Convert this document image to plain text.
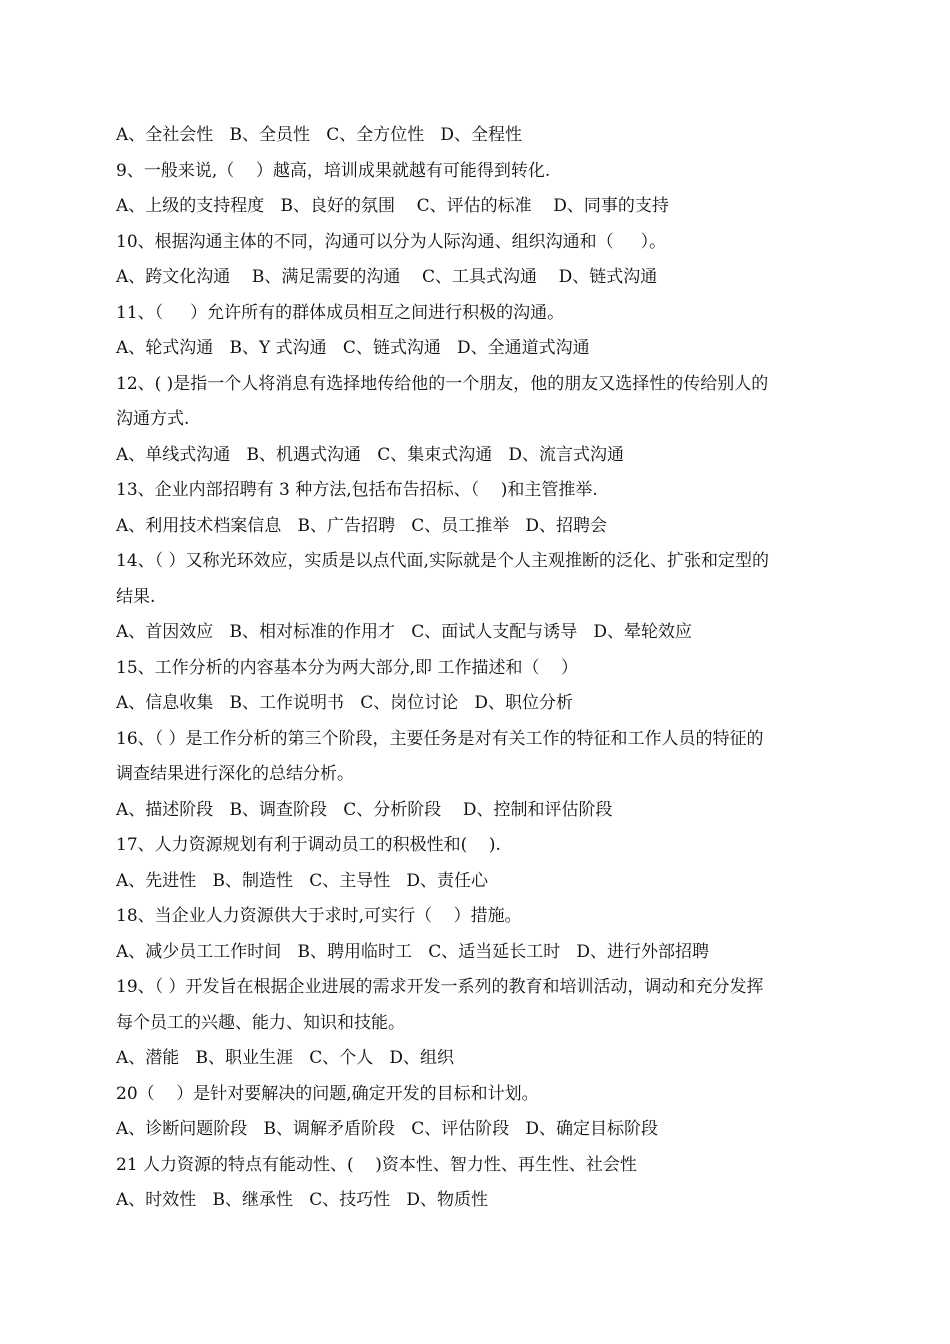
A、全社会性   B、全员性   C、全方位性   D、全程性

9、一般来说,（    ）越高，培训成果就越有可能得到转化.

A、上级的支持程度   B、良好的氛围    C、评估的标准    D、同事的支持

10、根据沟通主体的不同，沟通可以分为人际沟通、组织沟通和（     ）。

A、跨文化沟通    B、满足需要的沟通    C、工具式沟通    D、链式沟通

11、（     ）允许所有的群体成员相互之间进行积极的沟通。

A、轮式沟通   B、Y 式沟通   C、链式沟通   D、全通道式沟通

12、( )是指一个人将消息有选择地传给他的一个朋友，他的朋友又选择性的传给别人的

沟通方式.

A、单线式沟通   B、机遇式沟通   C、集束式沟通   D、流言式沟通

13、企业内部招聘有 3 种方法,包括布告招标、（    )和主管推举.

A、利用技术档案信息   B、广告招聘   C、员工推举   D、招聘会

14、（ ）又称光环效应，实质是以点代面,实际就是个人主观推断的泛化、扩张和定型的

结果.

A、首因效应   B、相对标准的作用才   C、面试人支配与诱导   D、晕轮效应

15、工作分析的内容基本分为两大部分,即 工作描述和（    ）

A、信息收集   B、工作说明书   C、岗位讨论   D、职位分析

16、（ ）是工作分析的第三个阶段，主要任务是对有关工作的特征和工作人员的特征的

调查结果进行深化的总结分析。

A、描述阶段   B、调查阶段   C、分析阶段    D、控制和评估阶段

17、人力资源规划有利于调动员工的积极性和(    ).

A、先进性   B、制造性   C、主导性   D、责任心

18、当企业人力资源供大于求时,可实行（    ）措施。

A、减少员工工作时间   B、聘用临时工   C、适当延长工时   D、进行外部招聘

19、（ ）开发旨在根据企业进展的需求开发一系列的教育和培训活动，调动和充分发挥

每个员工的兴趣、能力、知识和技能。

A、潜能   B、职业生涯   C、个人   D、组织

20（    ）是针对要解决的问题,确定开发的目标和计划。

A、诊断问题阶段   B、调解矛盾阶段   C、评估阶段   D、确定目标阶段

21 人力资源的特点有能动性、(    )资本性、智力性、再生性、社会性

A、时效性   B、继承性   C、技巧性   D、物质性
